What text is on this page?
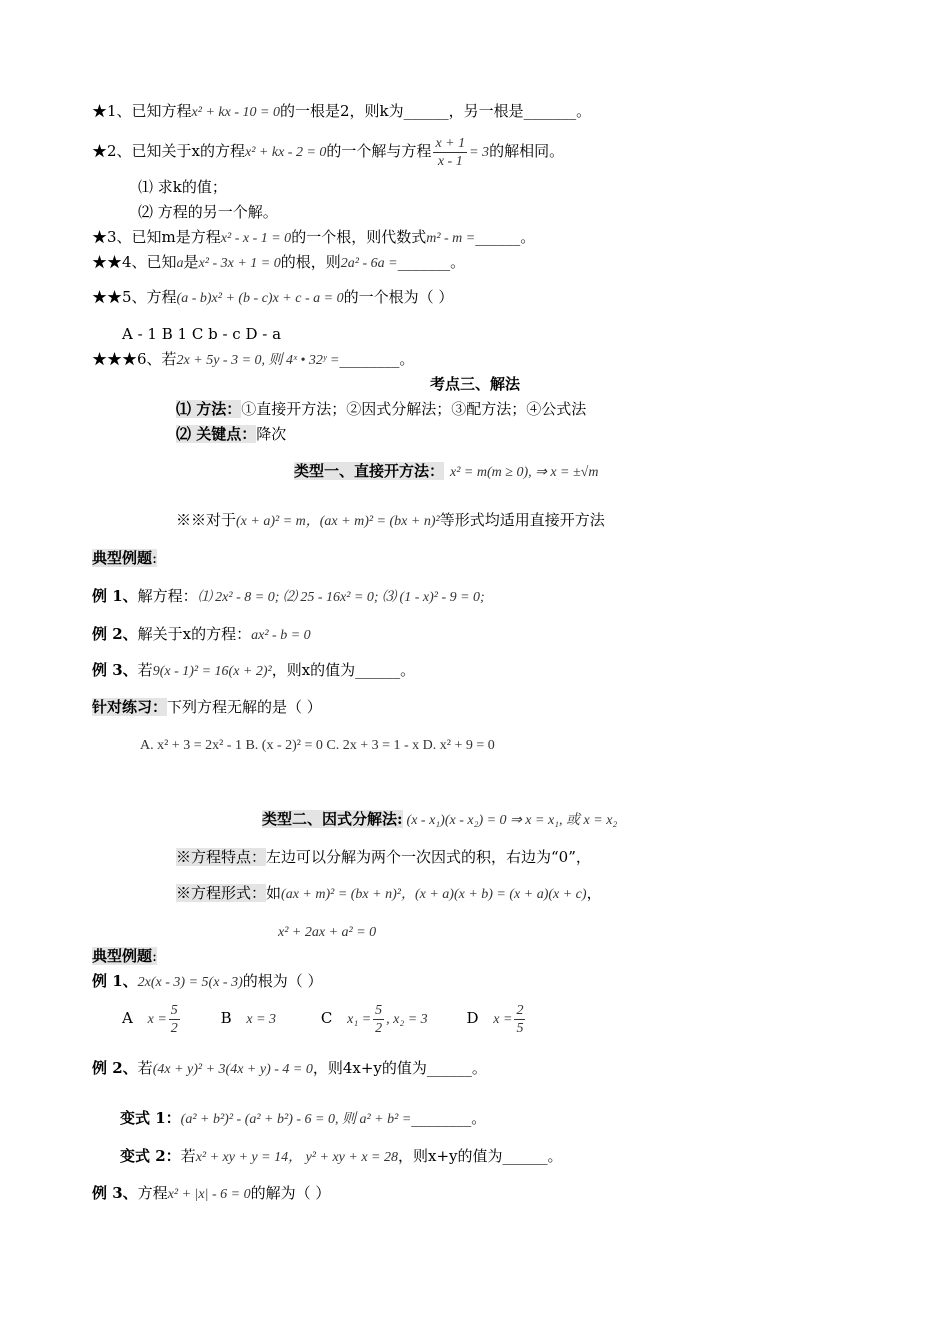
★1、已知方程x² + kx - 10 = 0的一根是2，则k为______，另一根是_______。
★2、已知关于x的方程x² + kx - 2 = 0的一个解与方程 $\frac{x + 1}{x - 1} = 3$的解相同。
⑴ 求k的值；
⑵ 方程的另一个解。
★3、已知m是方程x² - x - 1 = 0的一个根，则代数式m² - m =______。
★★4、已知a是x² - 3x + 1 = 0的根，则2a² - 6a =_______。
★★5、方程(a - b)x² + (b - c)x + c - a = 0的一个根为（ ）
A - 1 B 1 C b - c D - a
★★★6、若2x + 5y - 3 = 0, 则 4ˣ • 32ʸ =________。
考点三、解法
⑴ 方法：①直接开方法；②因式分解法；③配方法；④公式法
⑵ 关键点：降次
类型一、直接开方法： x² = m(m ≥ 0), ⇒ x = ±√m
※※对于(x + a)² = m，(ax + m)² = (bx + n)²等形式均适用直接开方法
典型例题:
例 1、解方程：⑴ 2x² - 8 = 0; ⑵ 25 - 16x² = 0; ⑶ (1 - x)² - 9 = 0;
例 2、解关于x的方程：ax² - b = 0
例 3、若9(x - 1)² = 16(x + 2)²，则x的值为______。
针对练习：下列方程无解的是（ ）
A. x² + 3 = 2x² - 1 B. (x - 2)² = 0 C. 2x + 3 = 1 - x D. x² + 9 = 0
类型二、因式分解法: (x - x₁)(x - x₂) = 0 ⇒ x = x₁, 或 x = x₂
※方程特点：左边可以分解为两个一次因式的积，右边为“0”，
※方程形式：如(ax + m)² = (bx + n)²，(x + a)(x + b) = (x + a)(x + c)，
x² + 2ax + a² = 0
典型例题:
例 1、2x(x - 3) = 5(x - 3)的根为（ ）
A $x = \frac{5}{2}$	B x = 3	C $x_1 = \frac{5}{2}$ , x₂ = 3	D $x = \frac{2}{5}$
例 2、若(4x + y)² + 3(4x + y) - 4 = 0，则4x+y的值为______。
变式 1：(a² + b²)² - (a² + b²) - 6 = 0, 则 a² + b² =________。
变式 2：若x² + xy + y = 14， y² + xy + x = 28，则x+y的值为______。
例 3、方程x² + |x| - 6 = 0的解为（ ）
